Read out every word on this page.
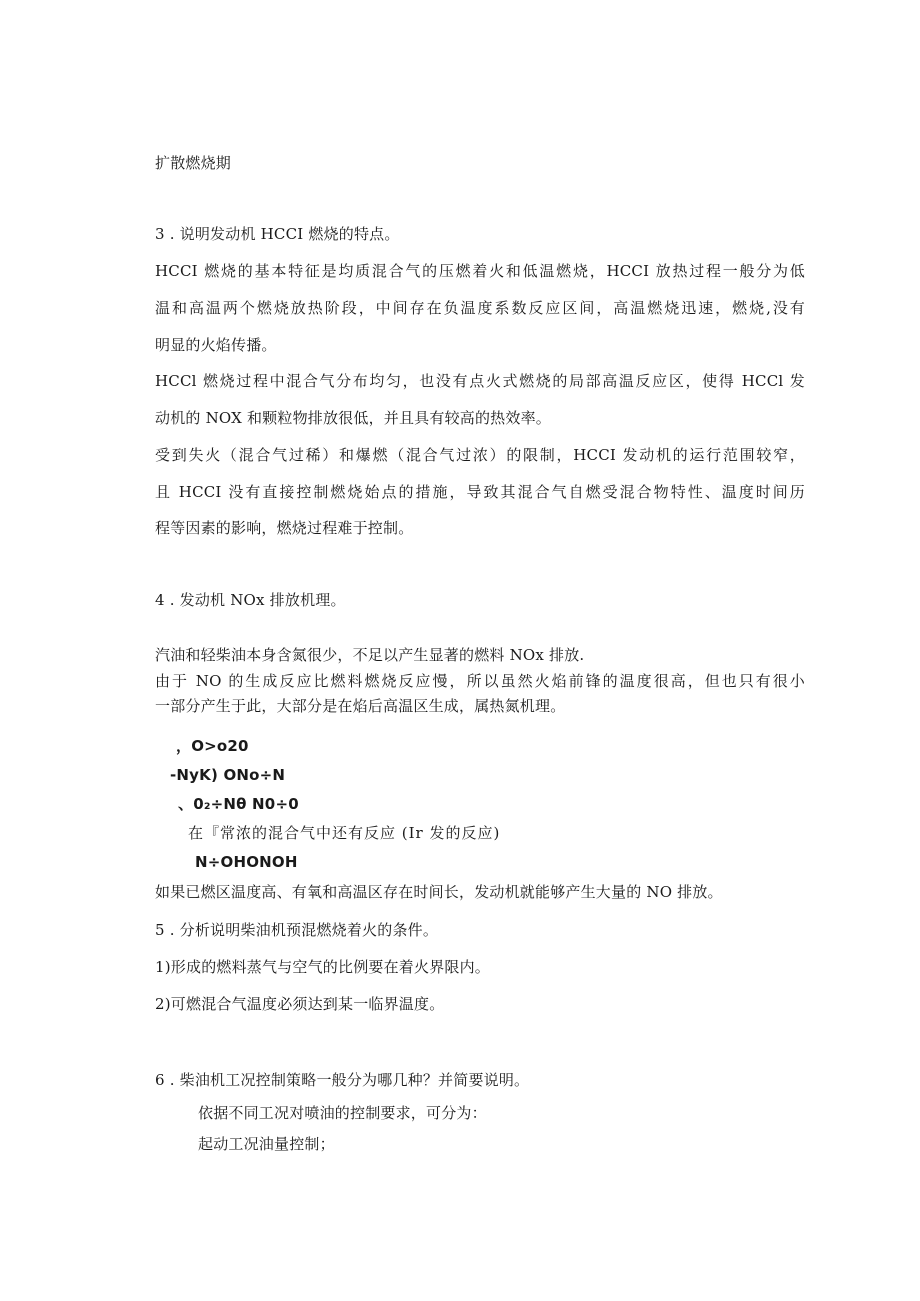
扩散燃烧期
3 . 说明发动机 HCCI 燃烧的特点。
HCCI 燃烧的基本特征是均质混合气的压燃着火和低温燃烧，HCCI 放热过程一般分为低
温和高温两个燃烧放热阶段，中间存在负温度系数反应区间，高温燃烧迅速，燃烧,没有
明显的火焰传播。
HCCl 燃烧过程中混合气分布均匀，也没有点火式燃烧的局部高温反应区，使得 HCCl 发
动机的 NOX 和颗粒物排放很低，并且具有较高的热效率。
受到失火（混合气过稀）和爆燃（混合气过浓）的限制，HCCI 发动机的运行范围较窄，
且 HCCI 没有直接控制燃烧始点的措施，导致其混合气自燃受混合物特性、温度时间历
程等因素的影响，燃烧过程难于控制。
4 . 发动机 NOx 排放机理。
汽油和轻柴油本身含氮很少，不足以产生显著的燃料 NOx 排放.
由于 NO 的生成反应比燃料燃烧反应慢，所以虽然火焰前锋的温度很高，但也只有很小
一部分产生于此，大部分是在焰后高温区生成，属热氮机理。
，O>o20
-NyK) ONo÷N
、0₂÷Nθ N0÷0
在『常浓的混合气中还有反应 (Ir 发的反应)
N÷OHONOH
如果已燃区温度高、有氧和高温区存在时间长，发动机就能够产生大量的 NO 排放。
5 . 分析说明柴油机预混燃烧着火的条件。
1)形成的燃料蒸气与空气的比例要在着火界限内。
2)可燃混合气温度必须达到某一临界温度。
6 . 柴油机工况控制策略一般分为哪几种？并简要说明。
依据不同工况对喷油的控制要求，可分为：
起动工况油量控制；
